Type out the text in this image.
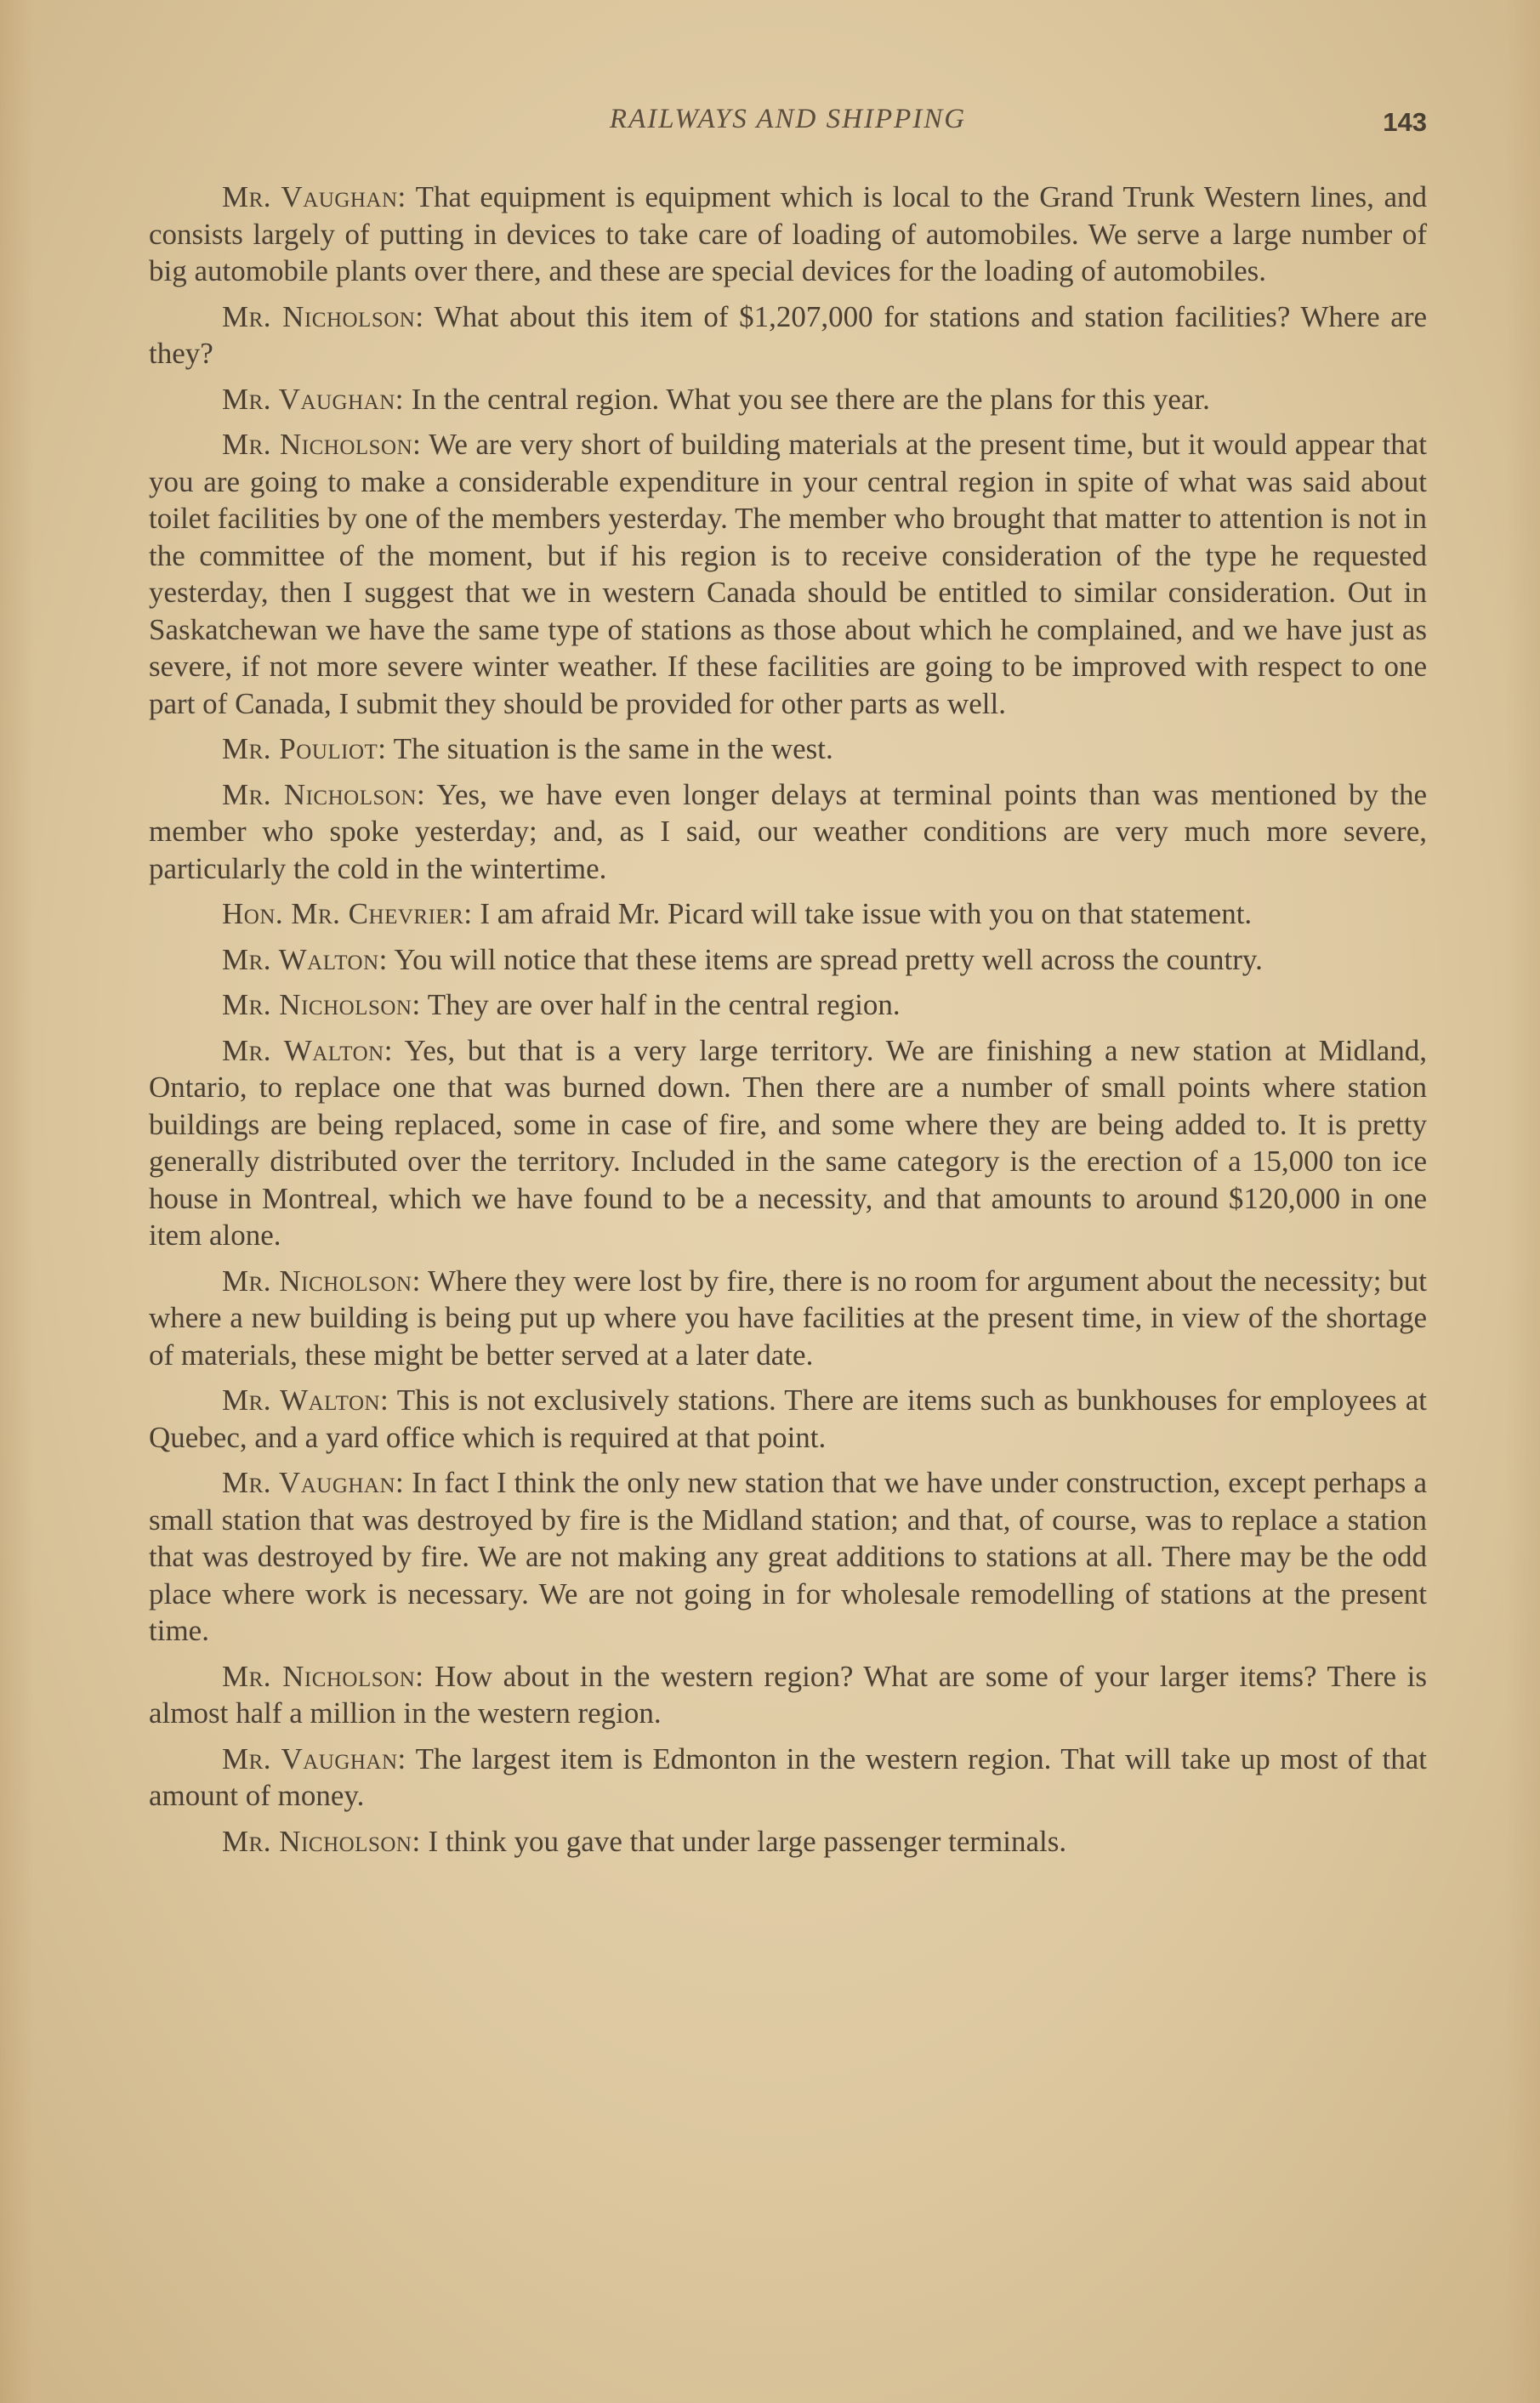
RAILWAYS AND SHIPPING	143

Mr. Vaughan: That equipment is equipment which is local to the Grand Trunk Western lines, and consists largely of putting in devices to take care of loading of automobiles. We serve a large number of big automobile plants over there, and these are special devices for the loading of automobiles.

Mr. Nicholson: What about this item of $1,207,000 for stations and station facilities? Where are they?

Mr. Vaughan: In the central region. What you see there are the plans for this year.

Mr. Nicholson: We are very short of building materials at the present time, but it would appear that you are going to make a considerable expenditure in your central region in spite of what was said about toilet facilities by one of the members yesterday. The member who brought that matter to attention is not in the committee of the moment, but if his region is to receive consideration of the type he requested yesterday, then I suggest that we in western Canada should be entitled to similar consideration. Out in Saskatchewan we have the same type of stations as those about which he complained, and we have just as severe, if not more severe winter weather. If these facilities are going to be improved with respect to one part of Canada, I submit they should be provided for other parts as well.

Mr. Pouliot: The situation is the same in the west.

Mr. Nicholson: Yes, we have even longer delays at terminal points than was mentioned by the member who spoke yesterday; and, as I said, our weather conditions are very much more severe, particularly the cold in the wintertime.

Hon. Mr. Chevrier: I am afraid Mr. Picard will take issue with you on that statement.

Mr. Walton: You will notice that these items are spread pretty well across the country.

Mr. Nicholson: They are over half in the central region.

Mr. Walton: Yes, but that is a very large territory. We are finishing a new station at Midland, Ontario, to replace one that was burned down. Then there are a number of small points where station buildings are being replaced, some in case of fire, and some where they are being added to. It is pretty generally distributed over the territory. Included in the same category is the erection of a 15,000 ton ice house in Montreal, which we have found to be a necessity, and that amounts to around $120,000 in one item alone.

Mr. Nicholson: Where they were lost by fire, there is no room for argument about the necessity; but where a new building is being put up where you have facilities at the present time, in view of the shortage of materials, these might be better served at a later date.

Mr. Walton: This is not exclusively stations. There are items such as bunkhouses for employees at Quebec, and a yard office which is required at that point.

Mr. Vaughan: In fact I think the only new station that we have under construction, except perhaps a small station that was destroyed by fire is the Midland station; and that, of course, was to replace a station that was destroyed by fire. We are not making any great additions to stations at all. There may be the odd place where work is necessary. We are not going in for wholesale remodelling of stations at the present time.

Mr. Nicholson: How about in the western region? What are some of your larger items? There is almost half a million in the western region.

Mr. Vaughan: The largest item is Edmonton in the western region. That will take up most of that amount of money.

Mr. Nicholson: I think you gave that under large passenger terminals.
